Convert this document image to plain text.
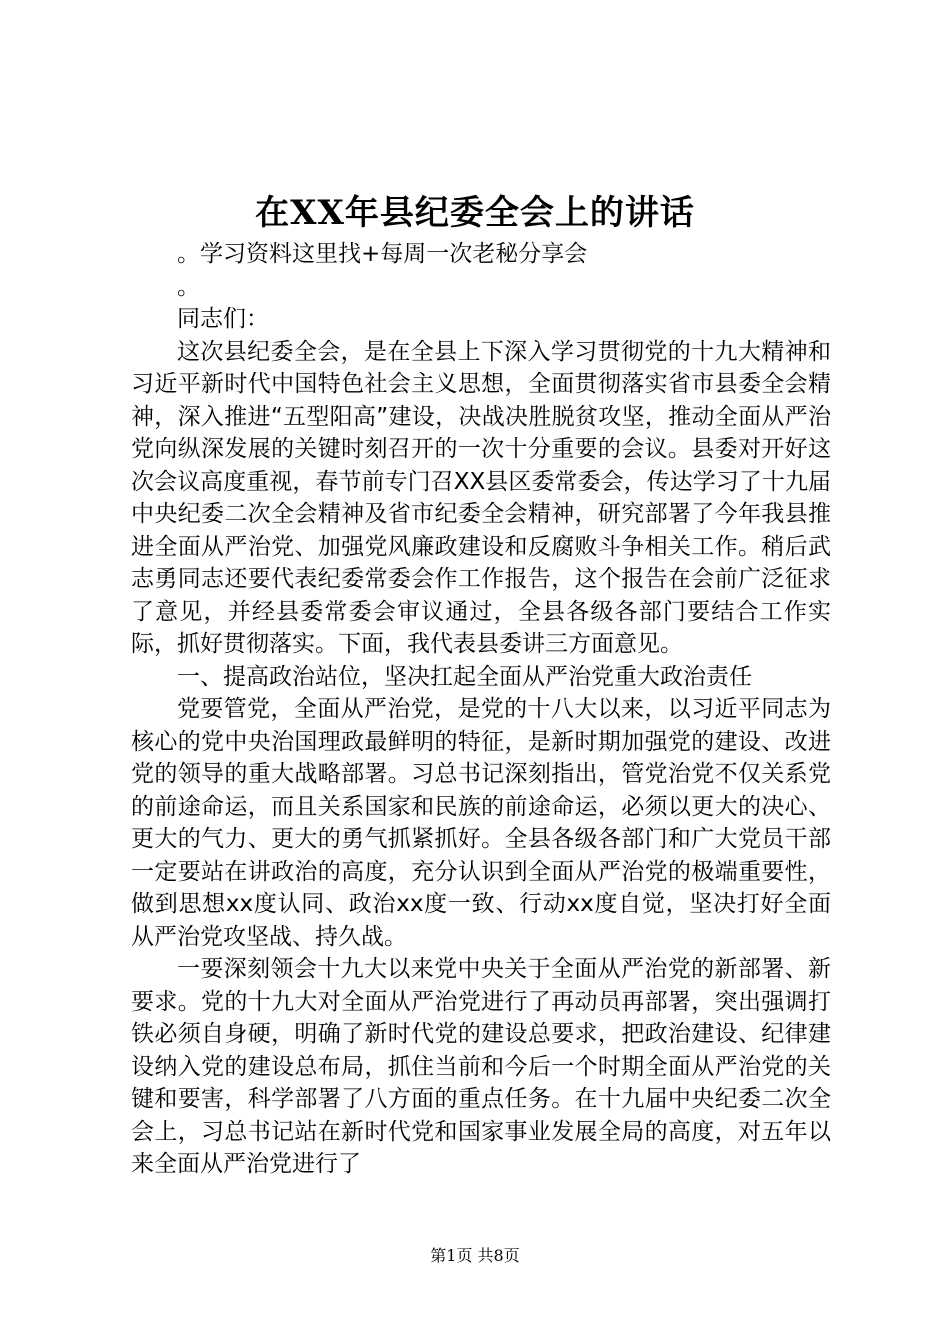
在XX年县纪委全会上的讲话

。学习资料这里找+每周一次老秘分享会

。

同志们：

这次县纪委全会，是在全县上下深入学习贯彻党的十九大精神和习近平新时代中国特色社会主义思想，全面贯彻落实省市县委全会精神，深入推进“五型阳高”建设，决战决胜脱贫攻坚，推动全面从严治党向纵深发展的关键时刻召开的一次十分重要的会议。县委对开好这次会议高度重视，春节前专门召XX县区委常委会，传达学习了十九届中央纪委二次全会精神及省市纪委全会精神，研究部署了今年我县推进全面从严治党、加强党风廉政建设和反腐败斗争相关工作。稍后武志勇同志还要代表纪委常委会作工作报告，这个报告在会前广泛征求了意见，并经县委常委会审议通过，全县各级各部门要结合工作实际，抓好贯彻落实。下面，我代表县委讲三方面意见。

一、提高政治站位，坚决扛起全面从严治党重大政治责任

党要管党，全面从严治党，是党的十八大以来，以习近平同志为核心的党中央治国理政最鲜明的特征，是新时期加强党的建设、改进党的领导的重大战略部署。习总书记深刻指出，管党治党不仅关系党的前途命运，而且关系国家和民族的前途命运，必须以更大的决心、更大的气力、更大的勇气抓紧抓好。全县各级各部门和广大党员干部一定要站在讲政治的高度，充分认识到全面从严治党的极端重要性，做到思想xx度认同、政治xx度一致、行动xx度自觉，坚决打好全面从严治党攻坚战、持久战。

一要深刻领会十九大以来党中央关于全面从严治党的新部署、新要求。党的十九大对全面从严治党进行了再动员再部署，突出强调打铁必须自身硬，明确了新时代党的建设总要求，把政治建设、纪律建设纳入党的建设总布局，抓住当前和今后一个时期全面从严治党的关键和要害，科学部署了八方面的重点任务。在十九届中央纪委二次全会上，习总书记站在新时代党和国家事业发展全局的高度，对五年以来全面从严治党进行了

第1页 共8页
